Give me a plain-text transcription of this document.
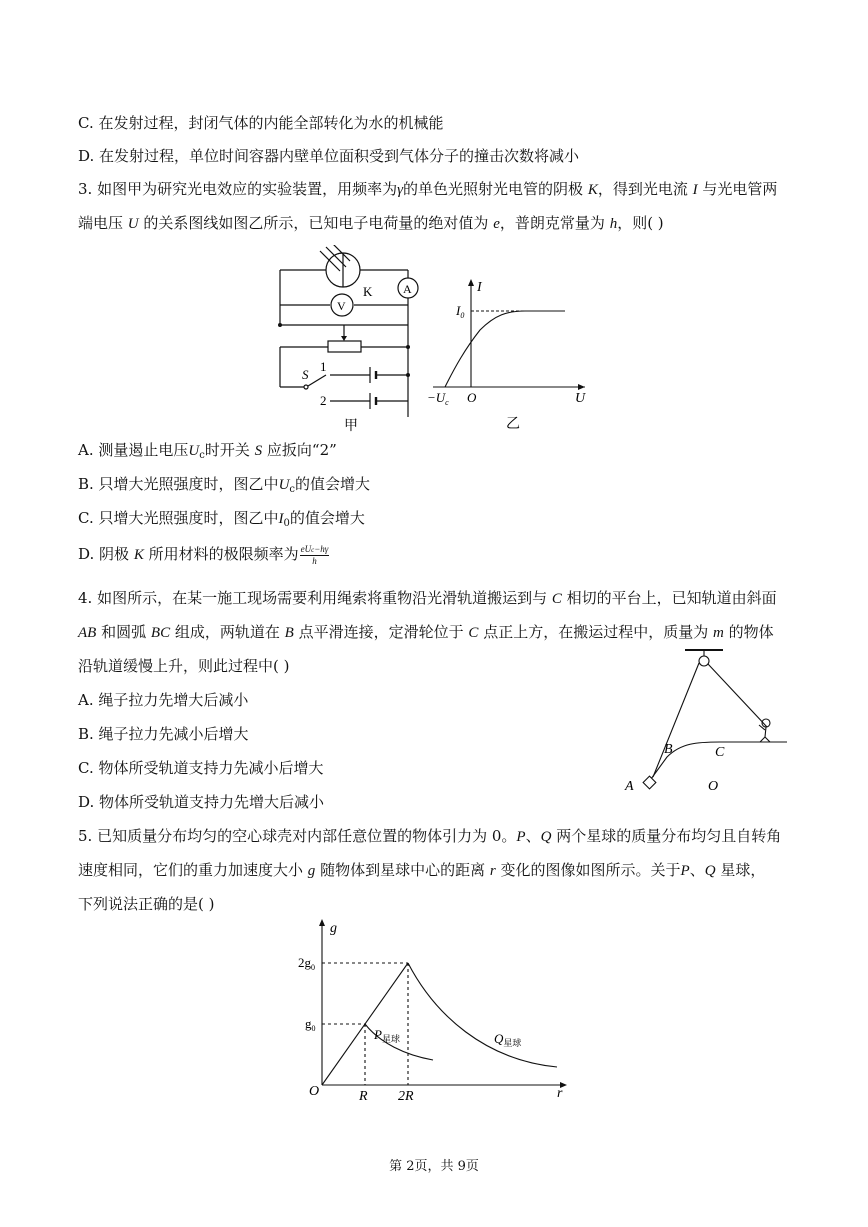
C. 在发射过程，封闭气体的内能全部转化为水的机械能
D. 在发射过程，单位时间容器内壁单位面积受到气体分子的撞击次数将减小
3. 如图甲为研究光电效应的实验装置，用频率为γ的单色光照射光电管的阴极 K，得到光电流 I 与光电管两
端电压 U 的关系图线如图乙所示，已知电子电荷量的绝对值为 e，普朗克常量为 h，则( )
K	A
V
S
1
2
甲
I
$I_0$
$-U_c$ O	U
乙
A. 测量遏止电压$U_c$时开关 S 应扳向“2”
B. 只增大光照强度时，图乙中$U_c$的值会增大
C. 只增大光照强度时，图乙中$I_0$的值会增大
D. 阴极 K 所用材料的极限频率为 $\frac{\text{eUc−hγ}}{h}$
4. 如图所示，在某一施工现场需要利用绳索将重物沿光滑轨道搬运到与 C 相切的平台上，已知轨道由斜面
AB 和圆弧 BC 组成，两轨道在 B 点平滑连接，定滑轮位于 C 点正上方，在搬运过程中，质量为 m 的物体
沿轨道缓慢上升，则此过程中( )
A. 绳子拉力先增大后减小
B. 绳子拉力先减小后增大
C. 物体所受轨道支持力先减小后增大
D. 物体所受轨道支持力先增大后减小
B	C
A	O
5. 已知质量分布均匀的空心球壳对内部任意位置的物体引力为 0。P、Q 两个星球的质量分布均匀且自转角
速度相同，它们的重力加速度大小 g 随物体到星球中心的距离 r 变化的图像如图所示。关于P、Q 星球，
下列说法正确的是( )
g
$2g_0$
$g_0$
O	R 2R	r
$P_{星球}$	$Q_{星球}$
第 2页，共 9页
